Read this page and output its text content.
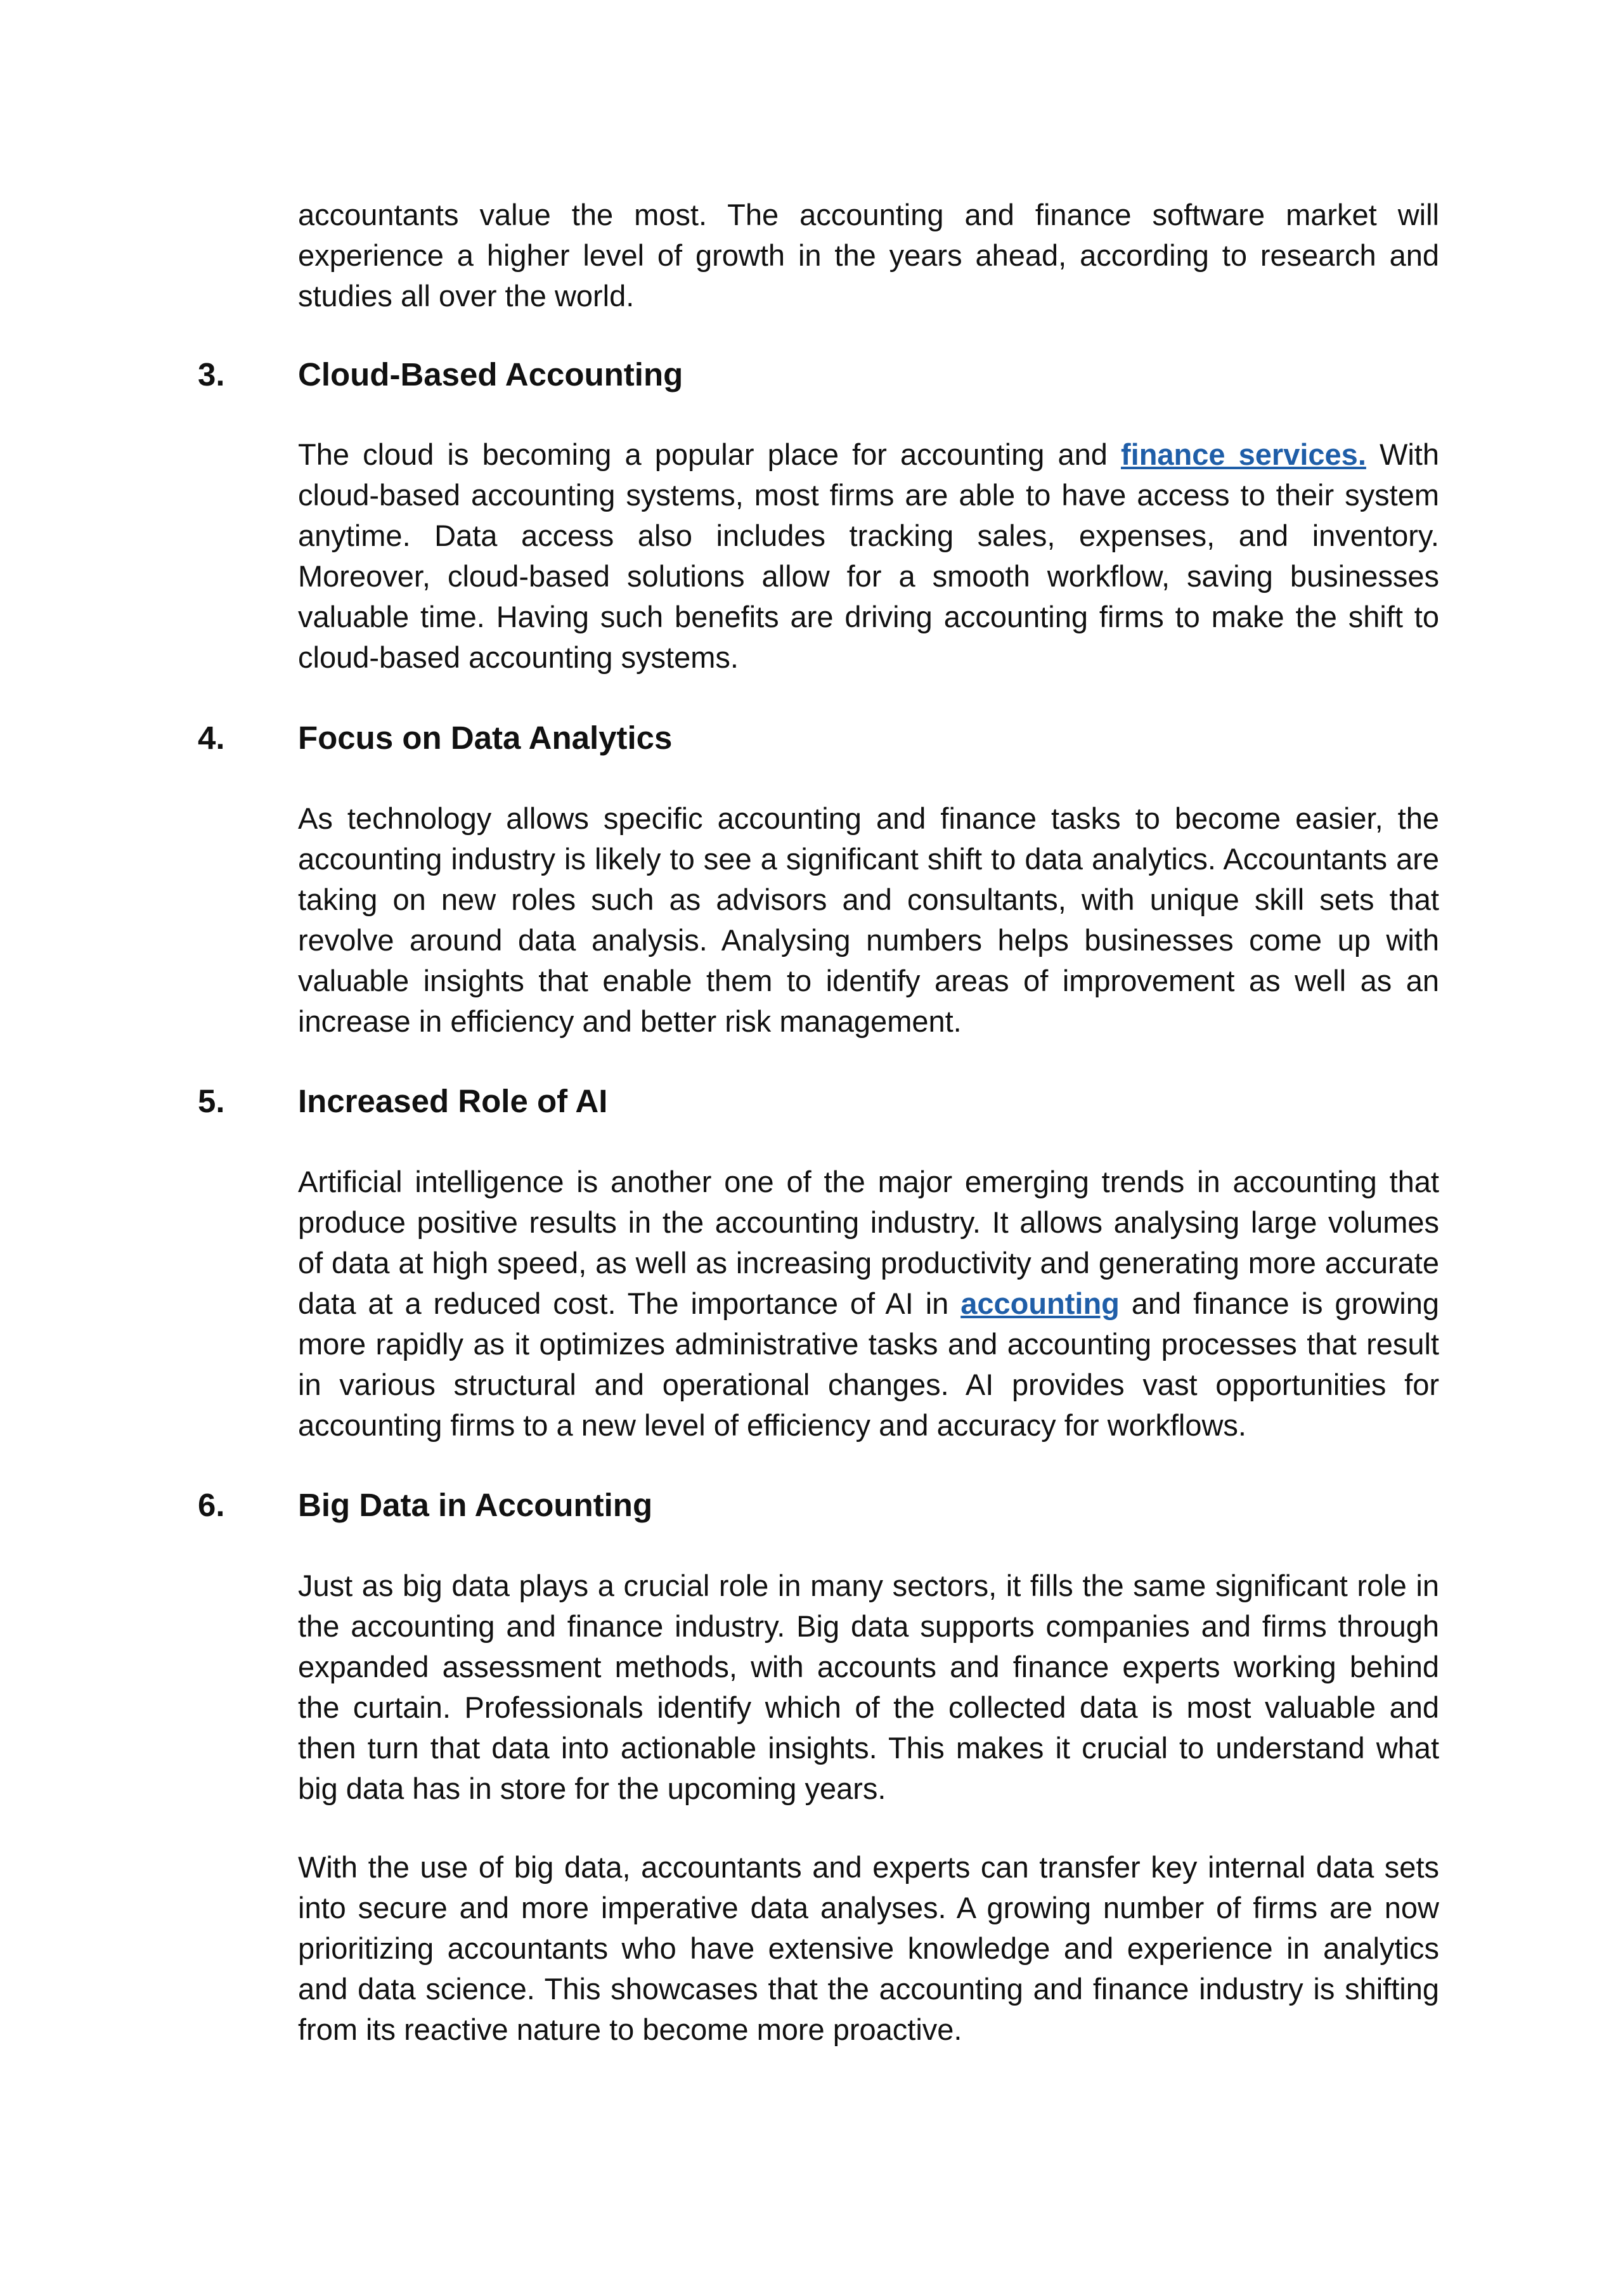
accountants value the most. The accounting and finance software market will experience a higher level of growth in the years ahead, according to research and studies all over the world.

3. Cloud-Based Accounting

The cloud is becoming a popular place for accounting and finance services. With cloud-based accounting systems, most firms are able to have access to their system anytime. Data access also includes tracking sales, expenses, and inventory. Moreover, cloud-based solutions allow for a smooth workflow, saving businesses valuable time. Having such benefits are driving accounting firms to make the shift to cloud-based accounting systems.

4. Focus on Data Analytics

As technology allows specific accounting and finance tasks to become easier, the accounting industry is likely to see a significant shift to data analytics. Accountants are taking on new roles such as advisors and consultants, with unique skill sets that revolve around data analysis. Analysing numbers helps businesses come up with valuable insights that enable them to identify areas of improvement as well as an increase in efficiency and better risk management.

5. Increased Role of AI

Artificial intelligence is another one of the major emerging trends in accounting that produce positive results in the accounting industry. It allows analysing large volumes of data at high speed, as well as increasing productivity and generating more accurate data at a reduced cost. The importance of AI in accounting and finance is growing more rapidly as it optimizes administrative tasks and accounting processes that result in various structural and operational changes. AI provides vast opportunities for accounting firms to a new level of efficiency and accuracy for workflows.

6. Big Data in Accounting

Just as big data plays a crucial role in many sectors, it fills the same significant role in the accounting and finance industry. Big data supports companies and firms through expanded assessment methods, with accounts and finance experts working behind the curtain. Professionals identify which of the collected data is most valuable and then turn that data into actionable insights. This makes it crucial to understand what big data has in store for the upcoming years.

With the use of big data, accountants and experts can transfer key internal data sets into secure and more imperative data analyses. A growing number of firms are now prioritizing accountants who have extensive knowledge and experience in analytics and data science. This showcases that the accounting and finance industry is shifting from its reactive nature to become more proactive.
